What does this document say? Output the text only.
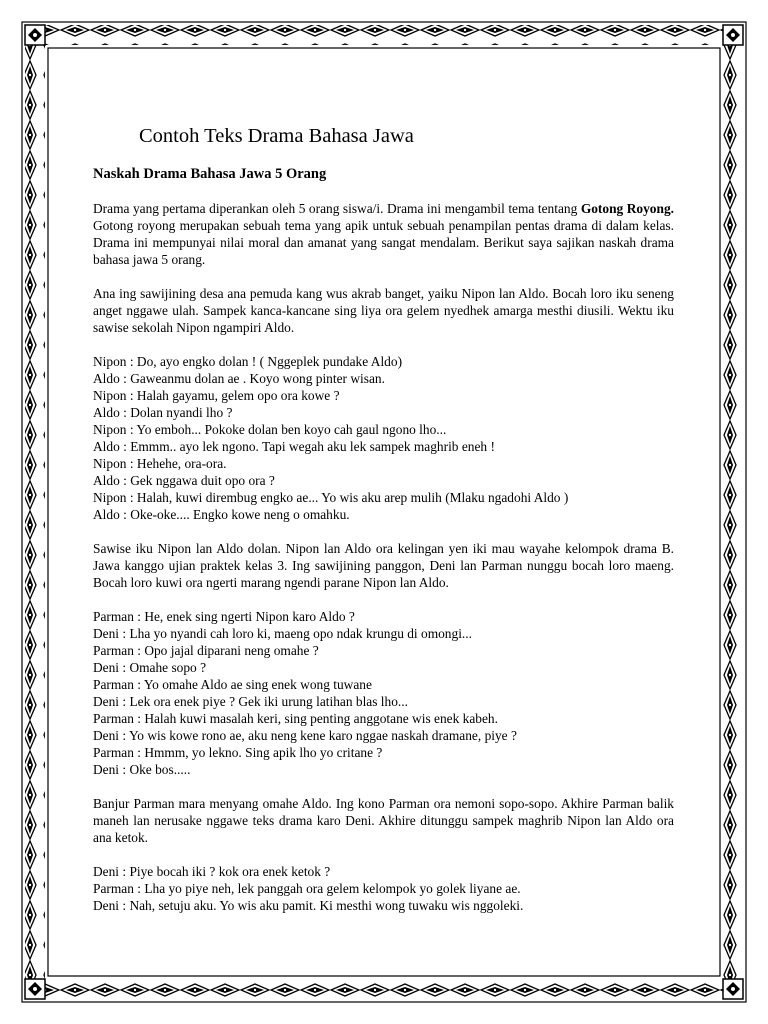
Contoh Teks Drama Bahasa Jawa
Naskah Drama Bahasa Jawa 5 Orang

Drama yang pertama diperankan oleh 5 orang siswa/i. Drama ini mengambil tema tentang Gotong Royong. Gotong royong merupakan sebuah tema yang apik untuk sebuah penampilan pentas drama di dalam kelas. Drama ini mempunyai nilai moral dan amanat yang sangat mendalam. Berikut saya sajikan naskah drama bahasa jawa 5 orang.

Ana ing sawijining desa ana pemuda kang wus akrab banget, yaiku Nipon lan Aldo. Bocah loro iku seneng anget nggawe ulah. Sampek kanca-kancane sing liya ora gelem nyedhek amarga mesthi diusili. Wektu iku sawise sekolah Nipon ngampiri Aldo.

Nipon : Do, ayo engko dolan ! ( Nggeplek pundake Aldo)
Aldo : Gaweanmu dolan ae . Koyo wong pinter wisan.
Nipon : Halah gayamu, gelem opo ora kowe ?
Aldo : Dolan nyandi lho ?
Nipon : Yo emboh... Pokoke dolan ben koyo cah gaul ngono lho...
Aldo : Emmm.. ayo lek ngono. Tapi wegah aku lek sampek maghrib eneh !
Nipon : Hehehe, ora-ora.
Aldo : Gek nggawa duit opo ora ?
Nipon : Halah, kuwi dirembug engko ae... Yo wis aku arep mulih (Mlaku ngadohi Aldo )
Aldo : Oke-oke.... Engko kowe neng o omahku.

Sawise iku Nipon lan Aldo dolan. Nipon lan Aldo ora kelingan yen iki mau wayahe kelompok drama B. Jawa kanggo ujian praktek kelas 3. Ing sawijining panggon, Deni lan Parman nunggu bocah loro maeng. Bocah loro kuwi ora ngerti marang ngendi parane Nipon lan Aldo.

Parman : He, enek sing ngerti Nipon karo Aldo ?
Deni : Lha yo nyandi cah loro ki, maeng opo ndak krungu di omongi...
Parman : Opo jajal diparani neng omahe ?
Deni : Omahe sopo ?
Parman : Yo omahe Aldo ae sing enek wong tuwane
Deni : Lek ora enek piye ? Gek iki urung latihan blas lho...
Parman : Halah kuwi masalah keri, sing penting anggotane wis enek kabeh.
Deni : Yo wis kowe rono ae, aku neng kene karo nggae naskah dramane, piye ?
Parman : Hmmm, yo lekno. Sing apik lho yo critane ?
Deni : Oke bos.....

Banjur Parman mara menyang omahe Aldo. Ing kono Parman ora nemoni sopo-sopo. Akhire Parman balik maneh lan nerusake nggawe teks drama karo Deni. Akhire ditunggu sampek maghrib Nipon lan Aldo ora ana ketok.

Deni : Piye bocah iki ? kok ora enek ketok ?
Parman : Lha yo piye neh, lek panggah ora gelem kelompok yo golek liyane ae.
Deni : Nah, setuju aku. Yo wis aku pamit. Ki mesthi wong tuwaku wis nggoleki.
